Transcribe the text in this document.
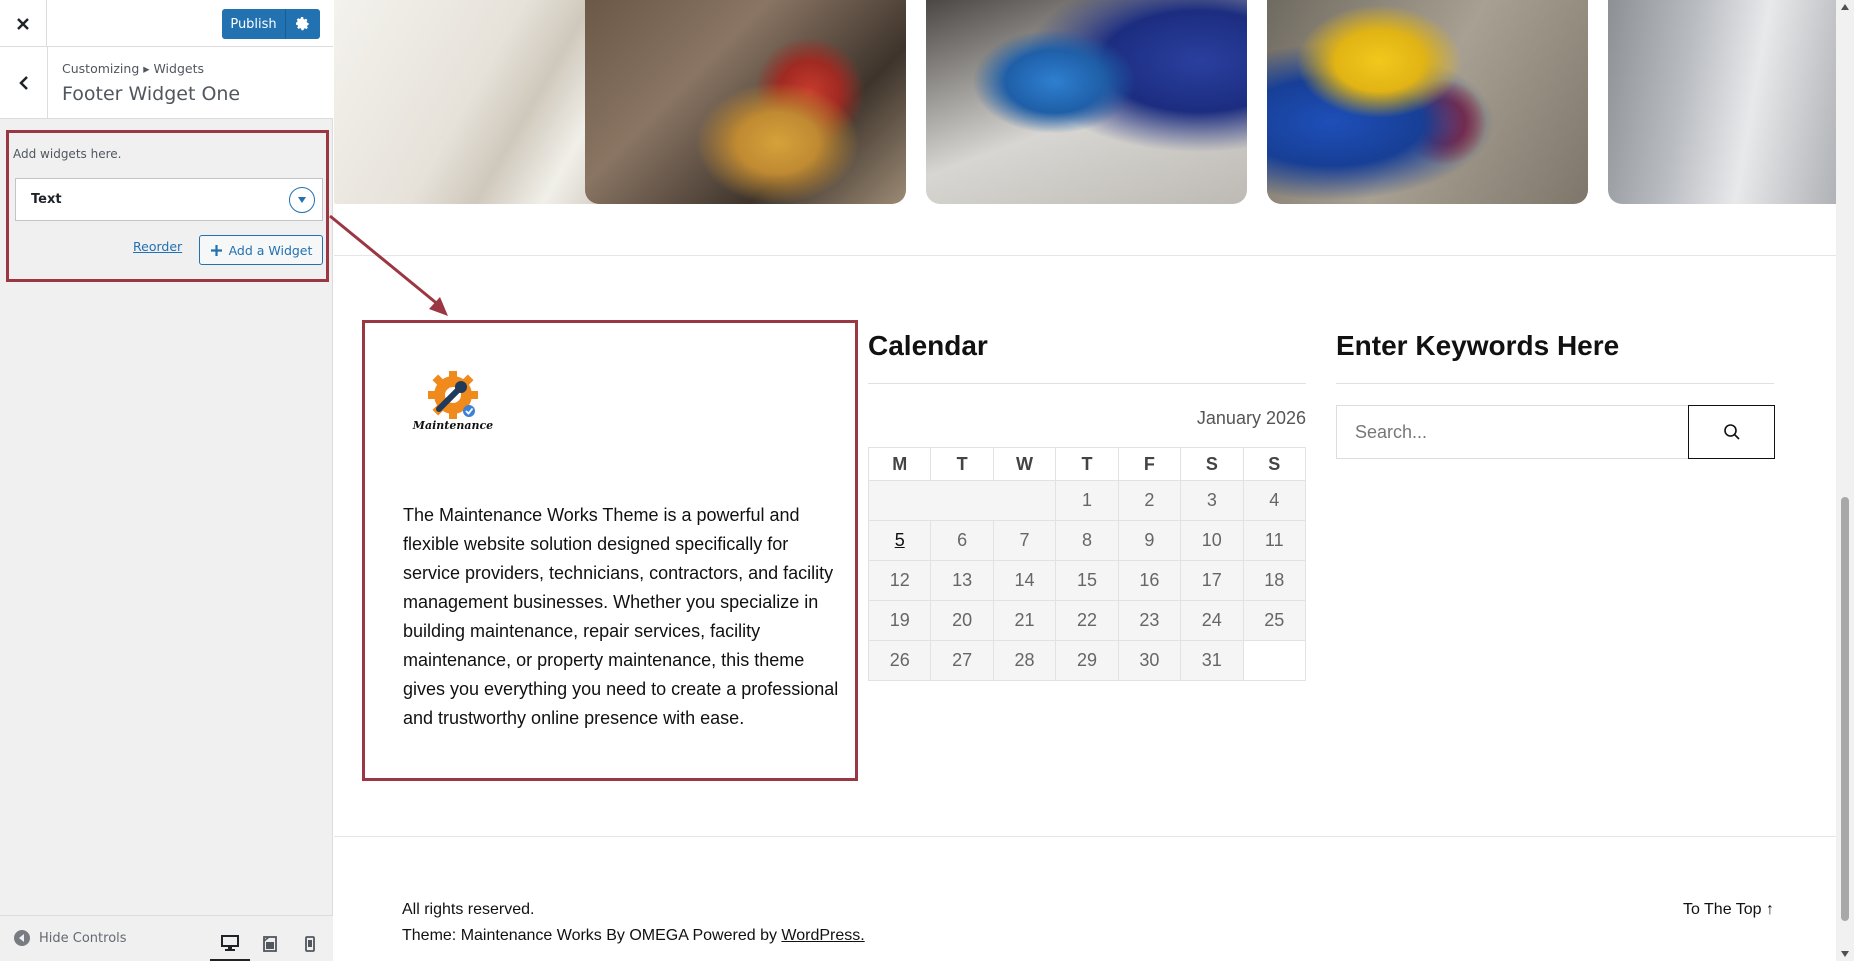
Publish
Customizing ▸ Widgets
Footer Widget One
Add widgets here.
Text
Reorder	Add a Widget
Hide Controls
Maintenance

The Maintenance Works Theme is a powerful and flexible website solution designed specifically for service providers, technicians, contractors, and facility management businesses. Whether you specialize in building maintenance, repair services, facility maintenance, or property maintenance, this theme gives you everything you need to create a professional and trustworthy online presence with ease.

Calendar
January 2026
M	T	W	T	F	S	S
			1	2	3	4
5	6	7	8	9	10	11
12	13	14	15	16	17	18
19	20	21	22	23	24	25
26	27	28	29	30	31	
Enter Keywords Here
Search...
All rights reserved.
Theme: Maintenance Works By OMEGA Powered by WordPress.
To The Top ↑
